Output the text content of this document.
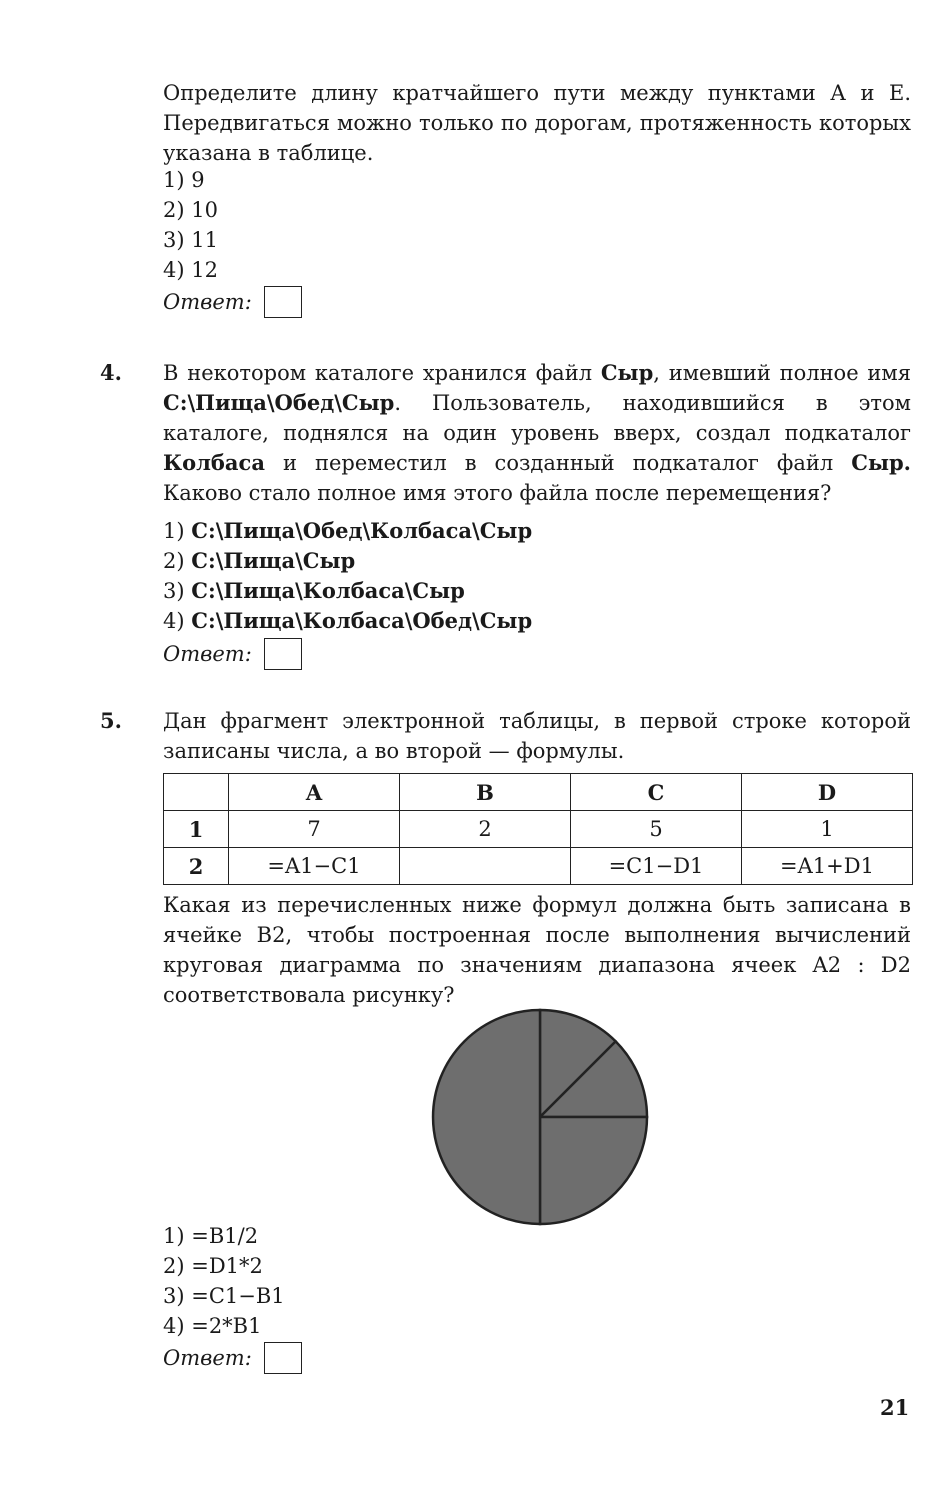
Определите длину кратчайшего пути между пунктами А и Е. Передвигаться можно только по дорогам, протяженность которых указана в таблице.
1) 9
2) 10
3) 11
4) 12
Ответ:
4. В некотором каталоге хранился файл Сыр, имевший полное имя C:\Пища\Обед\Сыр. Пользователь, находившийся в этом каталоге, поднялся на один уровень вверх, создал подкаталог Колбаса и переместил в созданный подкаталог файл Сыр. Каково стало полное имя этого файла после перемещения?
1) C:\Пища\Обед\Колбаса\Сыр
2) C:\Пища\Сыр
3) C:\Пища\Колбаса\Сыр
4) C:\Пища\Колбаса\Обед\Сыр
Ответ:
5. Дан фрагмент электронной таблицы, в первой строке которой записаны числа, а во второй — формулы.
	A	B	C	D
1	7	2	5	1
2	=A1−C1		=C1−D1	=A1+D1
Какая из перечисленных ниже формул должна быть записана в ячейке B2, чтобы построенная после выполнения вычислений круговая диаграмма по значениям диапазона ячеек A2 : D2 соответствовала рисунку?
1) =B1/2
2) =D1*2
3) =C1−B1
4) =2*B1
Ответ:
21
